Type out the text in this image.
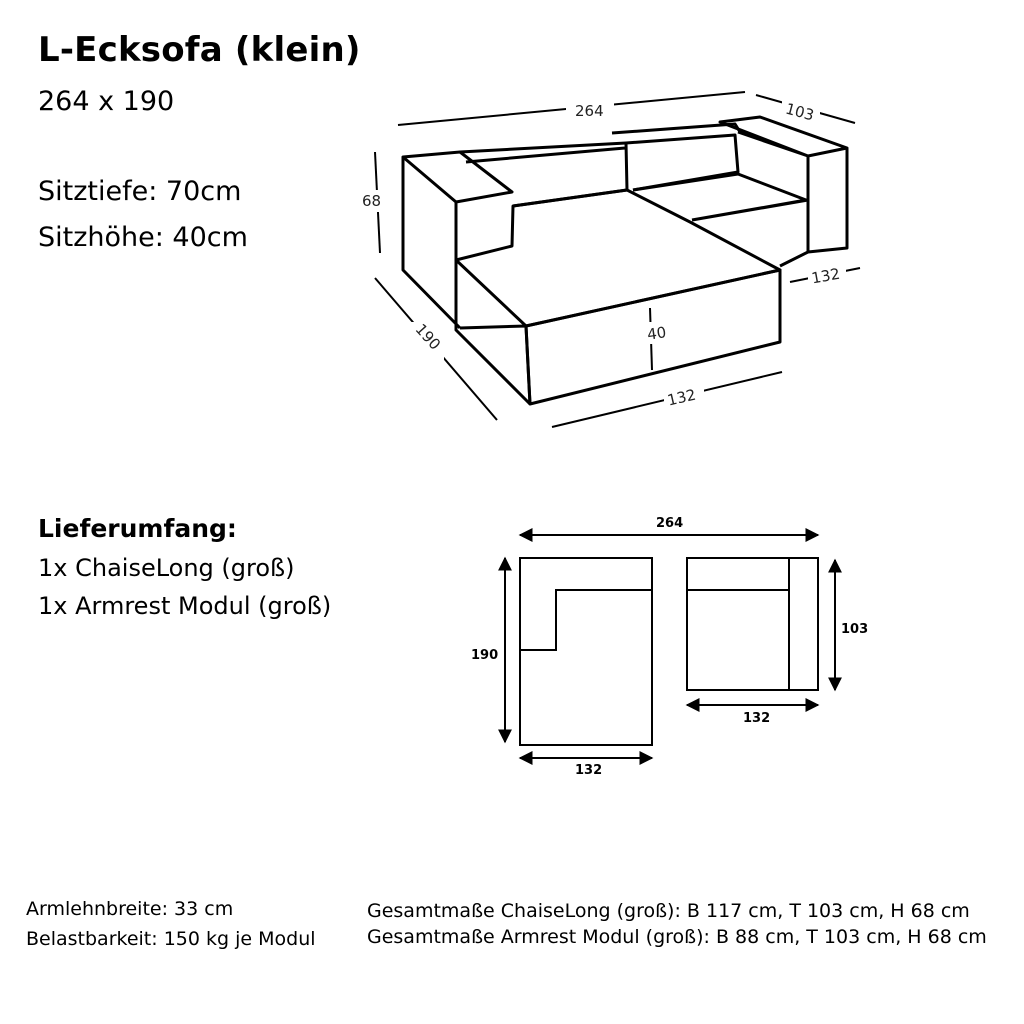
L-Ecksofa (klein)
264 x 190
Sitztiefe: 70cm
Sitzhöhe: 40cm
Lieferumfang:
1x ChaiseLong (groß)
1x Armrest Modul (groß)
264	103
68
190	40
132
132
264
190
132
103
132
Armlehnbreite: 33 cm
Belastbarkeit: 150 kg je Modul
Gesamtmaße ChaiseLong (groß): B 117 cm, T 103 cm, H 68 cm
Gesamtmaße Armrest Modul (groß): B 88 cm, T 103 cm, H 68 cm
